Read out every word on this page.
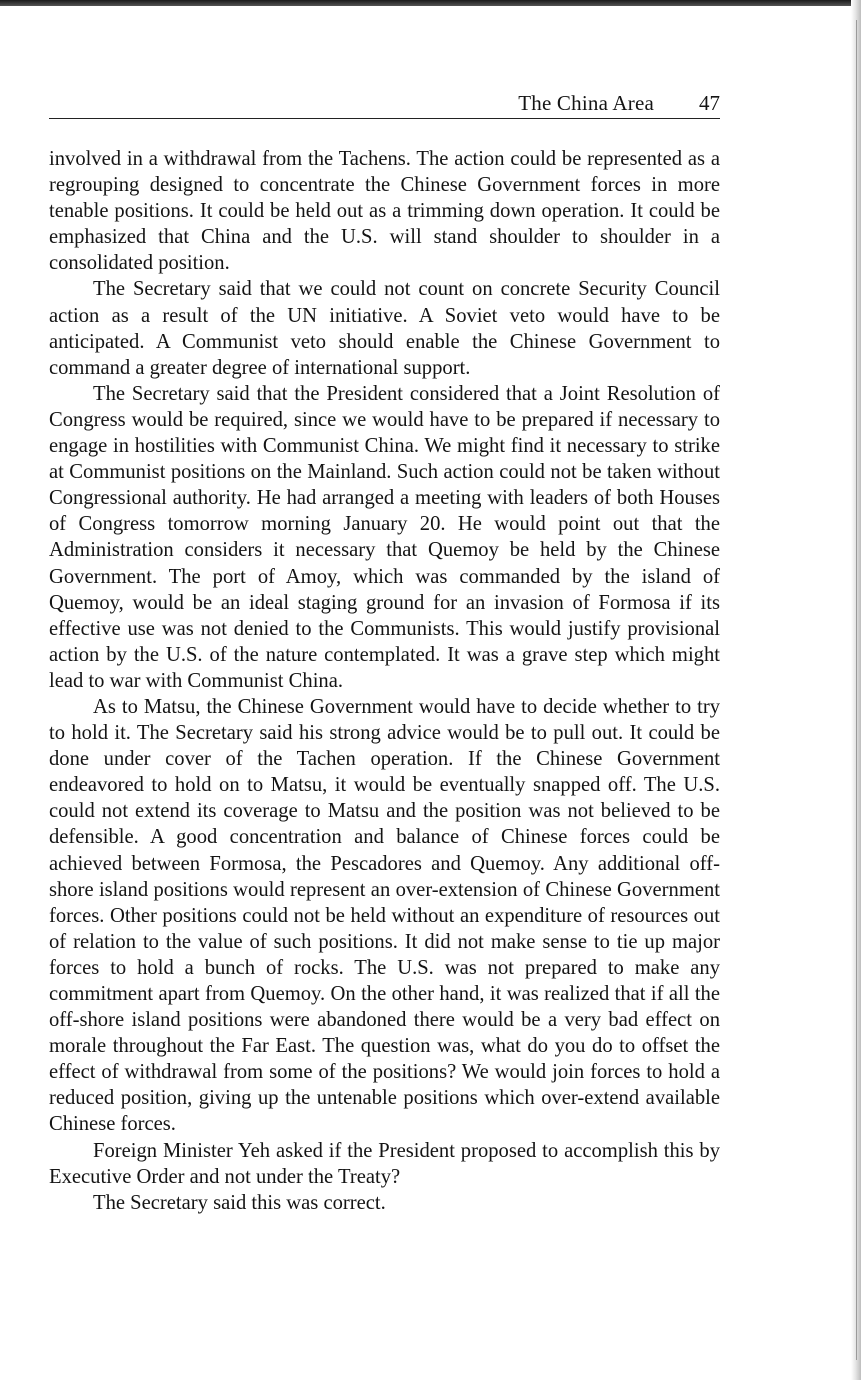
The China Area 47

involved in a withdrawal from the Tachens. The action could be represented as a regrouping designed to concentrate the Chinese Government forces in more tenable positions. It could be held out as a trimming down operation. It could be emphasized that China and the U.S. will stand shoulder to shoulder in a consolidated position.

The Secretary said that we could not count on concrete Security Council action as a result of the UN initiative. A Soviet veto would have to be anticipated. A Communist veto should enable the Chinese Government to command a greater degree of international support.

The Secretary said that the President considered that a Joint Resolution of Congress would be required, since we would have to be prepared if necessary to engage in hostilities with Communist China. We might find it necessary to strike at Communist positions on the Mainland. Such action could not be taken without Congressional authority. He had arranged a meeting with leaders of both Houses of Congress tomorrow morning January 20. He would point out that the Administration considers it necessary that Quemoy be held by the Chinese Government. The port of Amoy, which was commanded by the island of Quemoy, would be an ideal staging ground for an invasion of Formosa if its effective use was not denied to the Communists. This would justify provisional action by the U.S. of the nature contemplated. It was a grave step which might lead to war with Communist China.

As to Matsu, the Chinese Government would have to decide whether to try to hold it. The Secretary said his strong advice would be to pull out. It could be done under cover of the Tachen operation. If the Chinese Government endeavored to hold on to Matsu, it would be eventually snapped off. The U.S. could not extend its coverage to Matsu and the position was not believed to be defensible. A good concentration and balance of Chinese forces could be achieved between Formosa, the Pescadores and Quemoy. Any additional offshore island positions would represent an over-extension of Chinese Government forces. Other positions could not be held without an expenditure of resources out of relation to the value of such positions. It did not make sense to tie up major forces to hold a bunch of rocks. The U.S. was not prepared to make any commitment apart from Quemoy. On the other hand, it was realized that if all the off-shore island positions were abandoned there would be a very bad effect on morale throughout the Far East. The question was, what do you do to offset the effect of withdrawal from some of the positions? We would join forces to hold a reduced position, giving up the untenable positions which over-extend available Chinese forces.

Foreign Minister Yeh asked if the President proposed to accomplish this by Executive Order and not under the Treaty?

The Secretary said this was correct.
